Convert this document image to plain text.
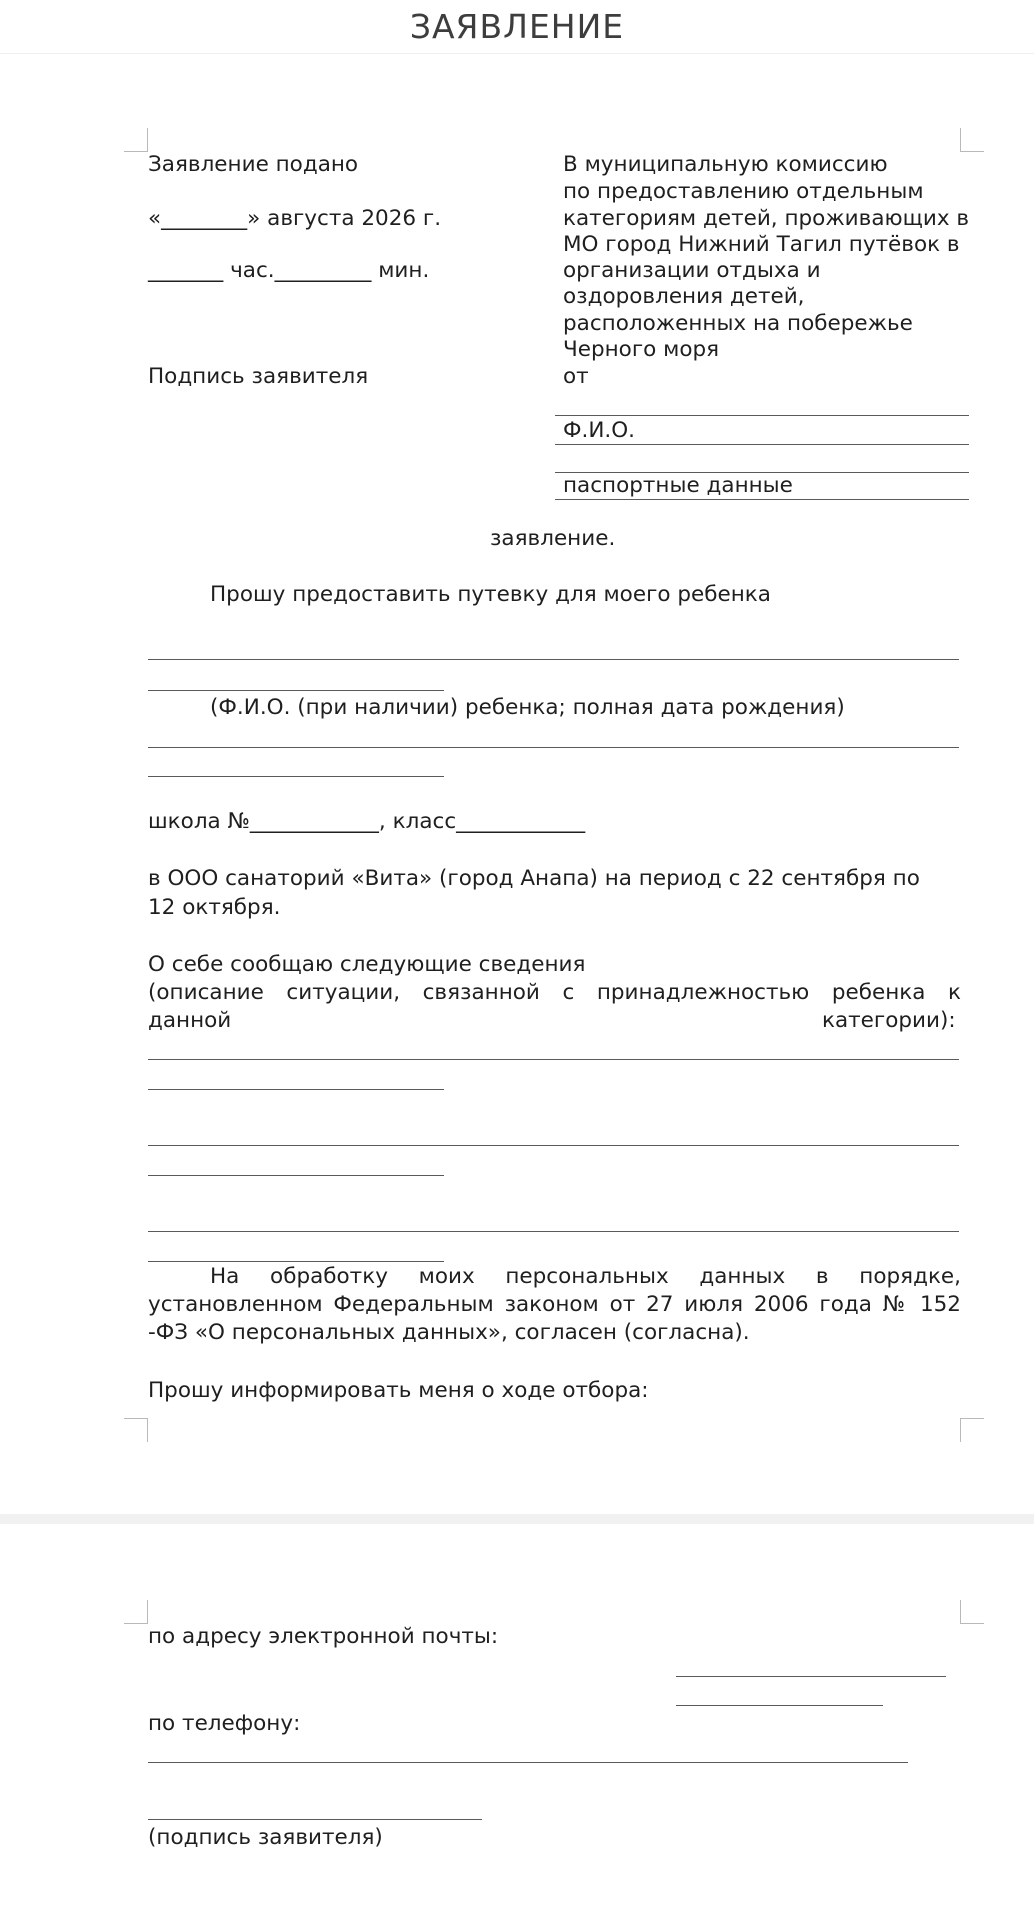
ЗАЯВЛЕНИЕ
Заявление подано
«________» августа 2026 г.
_______ час._________ мин.
Подпись заявителя
В муниципальную комиссию
по предоставлению отдельным
категориям детей, проживающих в
МО город Нижний Тагил путёвок в
организации отдыха и
оздоровления детей,
расположенных на побережье
Черного моря
от
Ф.И.О.
паспортные данные
заявление.
Прошу предоставить путевку для моего ребенка
(Ф.И.О. (при наличии) ребенка; полная дата рождения)
школа №____________, класс____________
в ООО санаторий «Вита» (город Анапа) на период с 22 сентября по
12 октября.
О себе сообщаю следующие сведения
(описание ситуации, связанной с принадлежностью ребенка к
данной	категории):
На обработку моих персональных данных в порядке,
установленном Федеральным законом от 27 июля 2006 года № 152
-ФЗ «О персональных данных», согласен (согласна).
Прошу информировать меня о ходе отбора:
по адресу электронной почты:
по телефону:
(подпись заявителя)
